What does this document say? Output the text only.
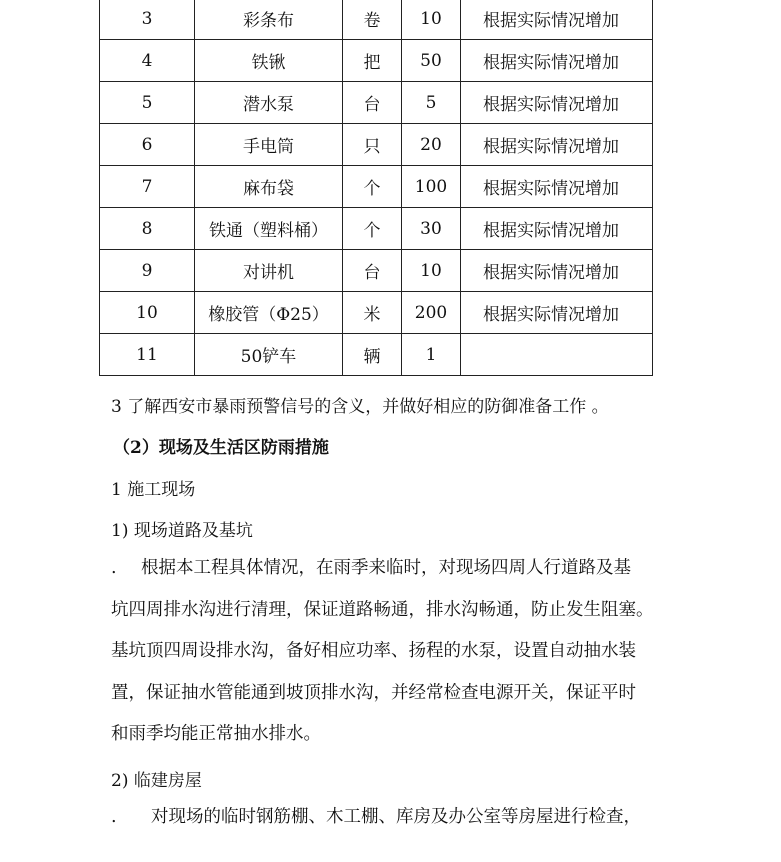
3	彩条布	卷	10	根据实际情况增加
4	铁锹	把	50	根据实际情况增加
5	潜水泵	台	5	根据实际情况增加
6	手电筒	只	20	根据实际情况增加
7	麻布袋	个	100	根据实际情况增加
8	铁通（塑料桶）	个	30	根据实际情况增加
9	对讲机	台	10	根据实际情况增加
10	橡胶管（Φ25）	米	200	根据实际情况增加
11	50铲车	辆	1	

3 了解西安市暴雨预警信号的含义，并做好相应的防御准备工作 。

（2）现场及生活区防雨措施

1 施工现场

1) 现场道路及基坑

. 根据本工程具体情况，在雨季来临时，对现场四周人行道路及基
坑四周排水沟进行清理，保证道路畅通，排水沟畅通，防止发生阻塞。
基坑顶四周设排水沟，备好相应功率、扬程的水泵，设置自动抽水装
置，保证抽水管能通到坡顶排水沟，并经常检查电源开关，保证平时
和雨季均能正常抽水排水。

2) 临建房屋

. 对现场的临时钢筋棚、木工棚、库房及办公室等房屋进行检查，
